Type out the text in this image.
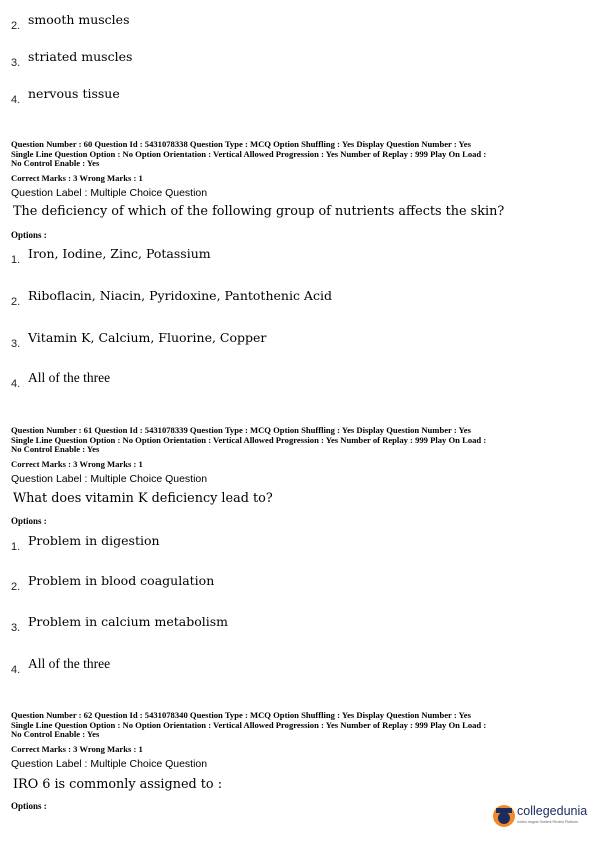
2. smooth muscles
3. striated muscles
4. nervous tissue
Question Number : 60 Question Id : 5431078338 Question Type : MCQ Option Shuffling : Yes Display Question Number : Yes
Single Line Question Option : No Option Orientation : Vertical Allowed Progression : Yes Number of Replay : 999 Play On Load :
No Control Enable : Yes
Correct Marks : 3 Wrong Marks : 1
Question Label : Multiple Choice Question
The deficiency of which of the following group of nutrients affects the skin?
Options :
1. Iron, Iodine, Zinc, Potassium
2. Riboflacin, Niacin, Pyridoxine, Pantothenic Acid
3. Vitamin K, Calcium, Fluorine, Copper
4. All of the three
Question Number : 61 Question Id : 5431078339 Question Type : MCQ Option Shuffling : Yes Display Question Number : Yes
Single Line Question Option : No Option Orientation : Vertical Allowed Progression : Yes Number of Replay : 999 Play On Load :
No Control Enable : Yes
Correct Marks : 3 Wrong Marks : 1
Question Label : Multiple Choice Question
What does vitamin K deficiency lead to?
Options :
1. Problem in digestion
2. Problem in blood coagulation
3. Problem in calcium metabolism
4. All of the three
Question Number : 62 Question Id : 5431078340 Question Type : MCQ Option Shuffling : Yes Display Question Number : Yes
Single Line Question Option : No Option Orientation : Vertical Allowed Progression : Yes Number of Replay : 999 Play On Load :
No Control Enable : Yes
Correct Marks : 3 Wrong Marks : 1
Question Label : Multiple Choice Question
IRO 6 is commonly assigned to :
Options :	collegedunia
India's largest Student Review Platform
